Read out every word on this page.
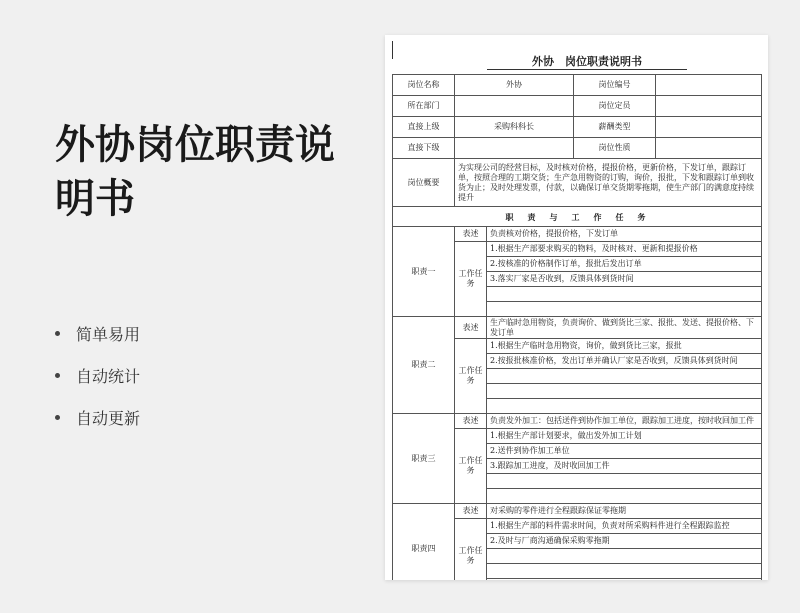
外协岗位职责说明书
简单易用
自动统计
自动更新
外协　岗位职责说明书
岗位名称	外协		岗位编号	
所在部门			岗位定员	
直接上级	采购科科长		薪酬类型	
直接下级			岗位性质	
岗位概要	为实现公司的经营目标，及时核对价格，提报价格，更新价格，下发订单，跟踪订单，按照合理的工期交货；生产急用物资的订购，询价，报批，下发和跟踪订单到收货为止；及时处理发票，付款，以确保订单交货期零拖期，使生产部门的满意度持续提升			
职　责　与　工　作　任　务				
职责一	表述	负责核对价格，提报价格，下发订单		
	工作任务	1.根据生产部要求购买的物料，及时核对、更新和提报价格		
		2.按核准的价格制作订单，报批后发出订单		
		3.落实厂家是否收到，反馈具体到货时间		

职责二	表述	生产临时急用物资，负责询价、做到货比三家、报批、发送、提报价格、下发订单		
	工作任务	1.根据生产临时急用物资，询价，做到货比三家，报批		
		2.按报批核准价格，发出订单并确认厂家是否收到，反馈具体到货时间		

职责三	表述	负责发外加工：包括送件到协作加工单位，跟踪加工进度，按时收回加工件		
	工作任务	1.根据生产部计划要求，做出发外加工计划		
		2.送件到协作加工单位		
		3.跟踪加工进度，及时收回加工件		

职责四	表述	对采购的零件进行全程跟踪保证零拖期		
	工作任务	1.根据生产部的料件需求时间，负责对所采购料件进行全程跟踪监控		
		2.及时与厂商沟通确保采购零拖期		
